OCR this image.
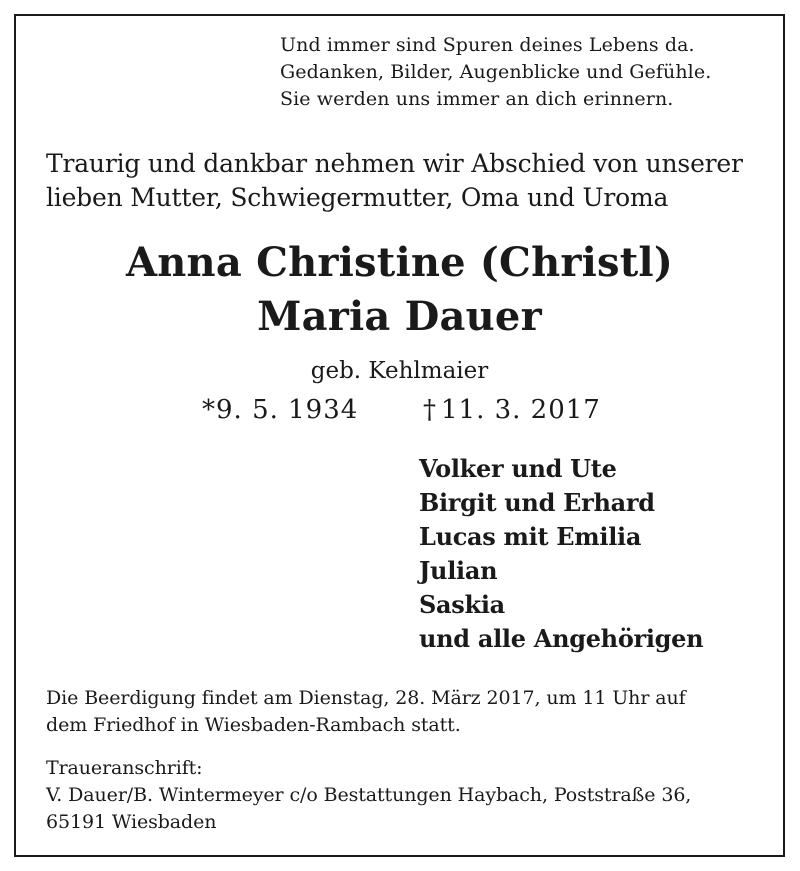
Und immer sind Spuren deines Lebens da.
Gedanken, Bilder, Augenblicke und Gefühle.
Sie werden uns immer an dich erinnern.
Traurig und dankbar nehmen wir Abschied von unserer
lieben Mutter, Schwiegermutter, Oma und Uroma
Anna Christine (Christl)
Maria Dauer
geb. Kehlmaier
*9. 5. 1934 † 11. 3. 2017
Volker und Ute
Birgit und Erhard
Lucas mit Emilia
Julian
Saskia
und alle Angehörigen
Die Beerdigung findet am Dienstag, 28. März 2017, um 11 Uhr auf
dem Friedhof in Wiesbaden-Rambach statt.
Traueranschrift:
V. Dauer/B. Wintermeyer c/o Bestattungen Haybach, Poststraße 36,
65191 Wiesbaden
